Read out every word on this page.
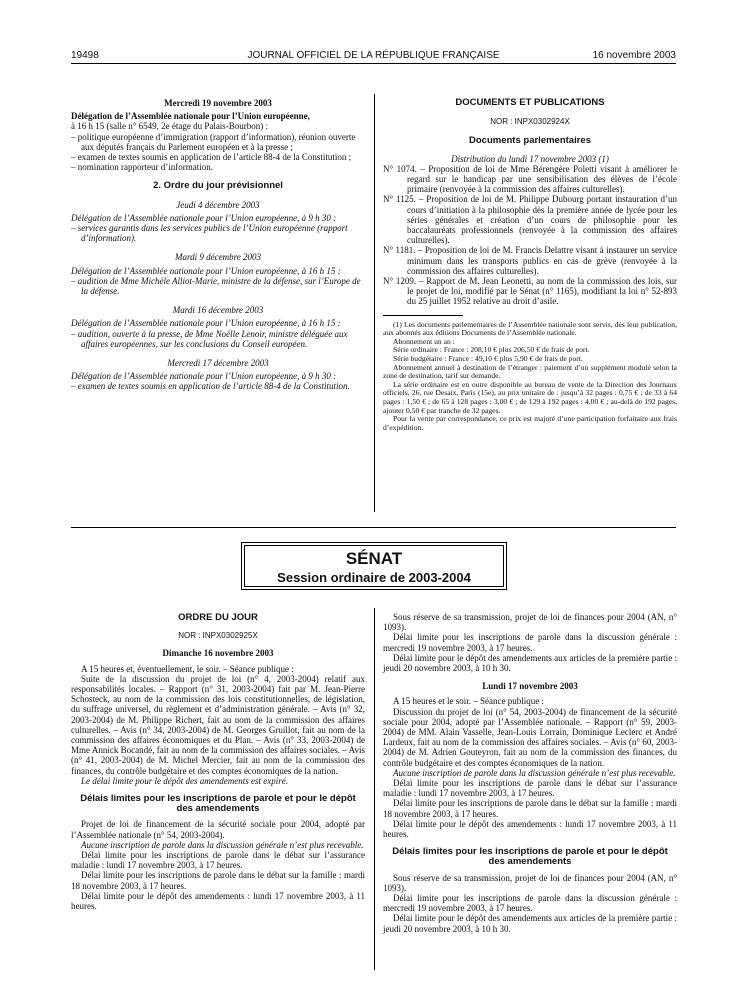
19498	JOURNAL OFFICIEL DE LA RÉPUBLIQUE FRANÇAISE	16 novembre 2003

Mercredi 19 novembre 2003

Délégation de l’Assemblée nationale pour l’Union européenne,

à 16 h 15 (salle n° 6549, 2e étage du Palais-Bourbon) :

– politique européenne d’immigration (rapport d’information), réunion ouverte aux députés français du Parlement européen et à la presse ;

– examen de textes soumis en application de l’article 88-4 de la Constitution ;

– nomination rapporteur d’information.

2. Ordre du jour prévisionnel

Jeudi 4 décembre 2003

Délégation de l’Assemblée nationale pour l’Union européenne, à 9 h 30 :

– services garantis dans les services publics de l’Union européenne (rapport d’information).

Mardi 9 décembre 2003

Délégation de l’Assemblée nationale pour l’Union européenne, à 16 h 15 :

– audition de Mme Michèle Alliot-Marie, ministre de la défense, sur l’Europe de la défense.

Mardi 16 décembre 2003

Délégation de l’Assemblée nationale pour l’Union européenne, à 16 h 15 :

– audition, ouverte à la presse, de Mme Noëlle Lenoir, ministre déléguée aux affaires européennes, sur les conclusions du Conseil européen.

Mercredi 17 décembre 2003

Délégation de l’Assemblée nationale pour l’Union européenne, à 9 h 30 :

– examen de textes soumis en application de l’article 88-4 de la Constitution.

DOCUMENTS ET PUBLICATIONS

NOR : INPX0302924X

Documents parlementaires

Distribution du lundi 17 novembre 2003 (1)

N° 1074. – Proposition de loi de Mme Bérengère Poletti visant à améliorer le regard sur le handicap par une sensibilisation des élèves de l’école primaire (renvoyée à la commission des affaires culturelles).

N° 1125. – Proposition de loi de M. Philippe Dubourg portant instauration d’un cours d’initiation à la philosophie dès la première année de lycée pour les séries générales et création d’un cours de philosophie pour les baccalauréats professionnels (renvoyée à la commission des affaires culturelles).

N° 1181. – Proposition de loi de M. Francis Delattre visant à instaurer un service minimum dans les transports publics en cas de grève (renvoyée à la commission des affaires culturelles).

N° 1209. – Rapport de M. Jean Leonetti, au nom de la commission des lois, sur le projet de loi, modifié par le Sénat (n° 1165), modifiant la loi n° 52-893 du 25 juillet 1952 relative au droit d’asile.

(1) Les documents parlementaires de l’Assemblée nationale sont servis, dès leur publication, aux abonnés aux éditions Documents de l’Assemblée nationale.

Abonnement un an :

Série ordinaire : France : 208,10 € plus 206,50 € de frais de port.

Série budgétaire : France : 49,10 € plus 5,90 € de frais de port.

Abonnement annuel à destination de l’étranger : paiement d’un supplément modulé selon la zone de destination, tarif sur demande.

La série ordinaire est en outre disponible au bureau de vente de la Direction des Journaux officiels, 26, rue Desaix, Paris (15e), au prix unitaire de : jusqu’à 32 pages : 0,75 € ; de 33 à 64 pages : 1,50 € ; de 65 à 128 pages : 3,00 € ; de 129 à 192 pages : 4,00 € ; au-delà de 192 pages, ajouter 0,50 € par tranche de 32 pages.

Pour la vente par correspondance, ce prix est majoré d’une participation forfaitaire aux frais d’expédition.

SÉNAT
Session ordinaire de 2003-2004

ORDRE DU JOUR

NOR : INPX0302925X

Dimanche 16 novembre 2003

A 15 heures et, éventuellement, le soir. – Séance publique :

Suite de la discussion du projet de loi (n° 4, 2003-2004) relatif aux responsabilités locales. – Rapport (n° 31, 2003-2004) fait par M. Jean-Pierre Schosteck, au nom de la commission des lois constitutionnelles, de législation, du suffrage universel, du règlement et d’administration générale. – Avis (n° 32, 2003-2004) de M. Philippe Richert, fait au nom de la commission des affaires culturelles. – Avis (n° 34, 2003-2004) de M. Georges Gruillot, fait au nom de la commission des affaires économiques et du Plan. – Avis (n° 33, 2003-2004) de Mme Annick Bocandé, fait au nom de la commission des affaires sociales. – Avis (n° 41, 2003-2004) de M. Michel Mercier, fait au nom de la commission des finances, du contrôle budgétaire et des comptes économiques de la nation.

Le délai limite pour le dépôt des amendements est expiré.

Délais limites pour les inscriptions de parole et pour le dépôt des amendements

Projet de loi de financement de la sécurité sociale pour 2004, adopté par l’Assemblée nationale (n° 54, 2003-2004).

Aucune inscription de parole dans la discussion générale n’est plus recevable.

Délai limite pour les inscriptions de parole dans le débat sur l’assurance maladie : lundi 17 novembre 2003, à 17 heures.

Délai limite pour les inscriptions de parole dans le débat sur la famille : mardi 18 novembre 2003, à 17 heures.

Délai limite pour le dépôt des amendements : lundi 17 novembre 2003, à 11 heures.

Sous réserve de sa transmission, projet de loi de finances pour 2004 (AN, n° 1093).

Délai limite pour les inscriptions de parole dans la discussion générale : mercredi 19 novembre 2003, à 17 heures.

Délai limite pour le dépôt des amendements aux articles de la première partie : jeudi 20 novembre 2003, à 10 h 30.

Lundi 17 novembre 2003

A 15 heures et le soir. – Séance publique :

Discussion du projet de loi (n° 54, 2003-2004) de financement de la sécurité sociale pour 2004, adopté par l’Assemblée nationale. – Rapport (n° 59, 2003-2004) de MM. Alain Vasselle, Jean-Louis Lorrain, Dominique Leclerc et André Lardeux, fait au nom de la commission des affaires sociales. – Avis (n° 60, 2003-2004) de M. Adrien Gouteyron, fait au nom de la commission des finances, du contrôle budgétaire et des comptes économiques de la nation.

Aucune inscription de parole dans la discussion générale n’est plus recevable.

Délai limite pour les inscriptions de parole dans le débat sur l’assurance maladie : lundi 17 novembre 2003, à 17 heures.

Délai limite pour les inscriptions de parole dans le débat sur la famille : mardi 18 novembre 2003, à 17 heures.

Délai limite pour le dépôt des amendements : lundi 17 novembre 2003, à 11 heures.

Délais limites pour les inscriptions de parole et pour le dépôt des amendements

Sous réserve de sa transmission, projet de loi de finances pour 2004 (AN, n° 1093).

Délai limite pour les inscriptions de parole dans la discussion générale : mercredi 19 novembre 2003, à 17 heures.

Délai limite pour le dépôt des amendements aux articles de la première partie : jeudi 20 novembre 2003, à 10 h 30.
